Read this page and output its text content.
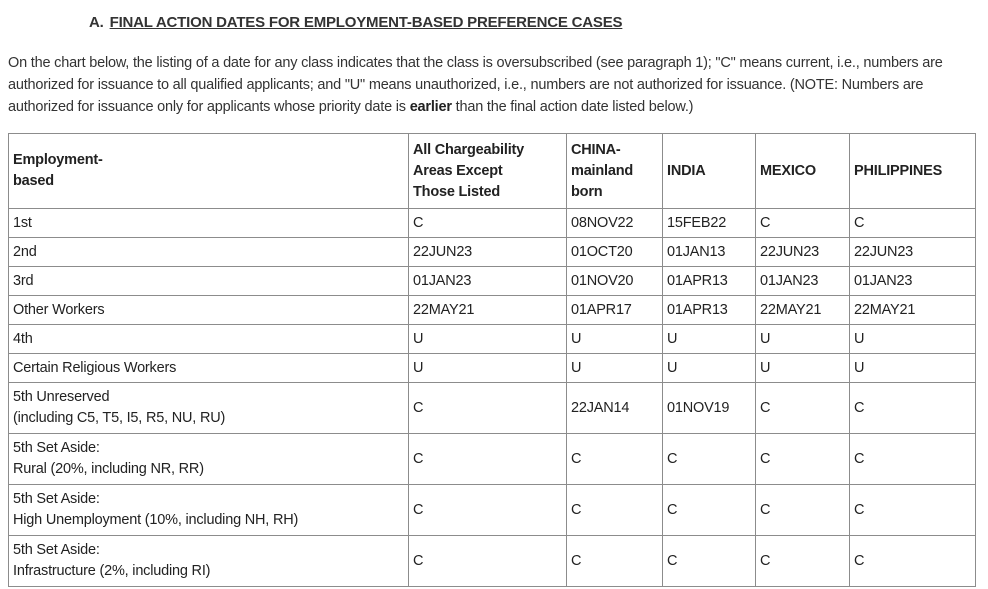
A. FINAL ACTION DATES FOR EMPLOYMENT-BASED PREFERENCE CASES

On the chart below, the listing of a date for any class indicates that the class is oversubscribed (see paragraph 1); "C" means current, i.e., numbers are authorized for issuance to all qualified applicants; and "U" means unauthorized, i.e., numbers are not authorized for issuance. (NOTE: Numbers are authorized for issuance only for applicants whose priority date is earlier than the final action date listed below.)

Employment-
based	All Chargeability
Areas Except
Those Listed	CHINA-
mainland
born	INDIA	MEXICO	PHILIPPINES

1st	C	08NOV22	15FEB22	C	C

2nd	22JUN23	01OCT20	01JAN13	22JUN23	22JUN23

3rd	01JAN23	01NOV20	01APR13	01JAN23	01JAN23

Other Workers	22MAY21	01APR17	01APR13	22MAY21	22MAY21

4th	U	U	U	U	U

Certain Religious Workers	U	U	U	U	U

5th Unreserved
(including C5, T5, I5, R5, NU, RU)	C	22JAN14	01NOV19	C	C

5th Set Aside:
Rural (20%, including NR, RR)	C	C	C	C	C

5th Set Aside:
High Unemployment (10%, including NH, RH)	C	C	C	C	C

5th Set Aside:
Infrastructure (2%, including RI)	C	C	C	C	C
